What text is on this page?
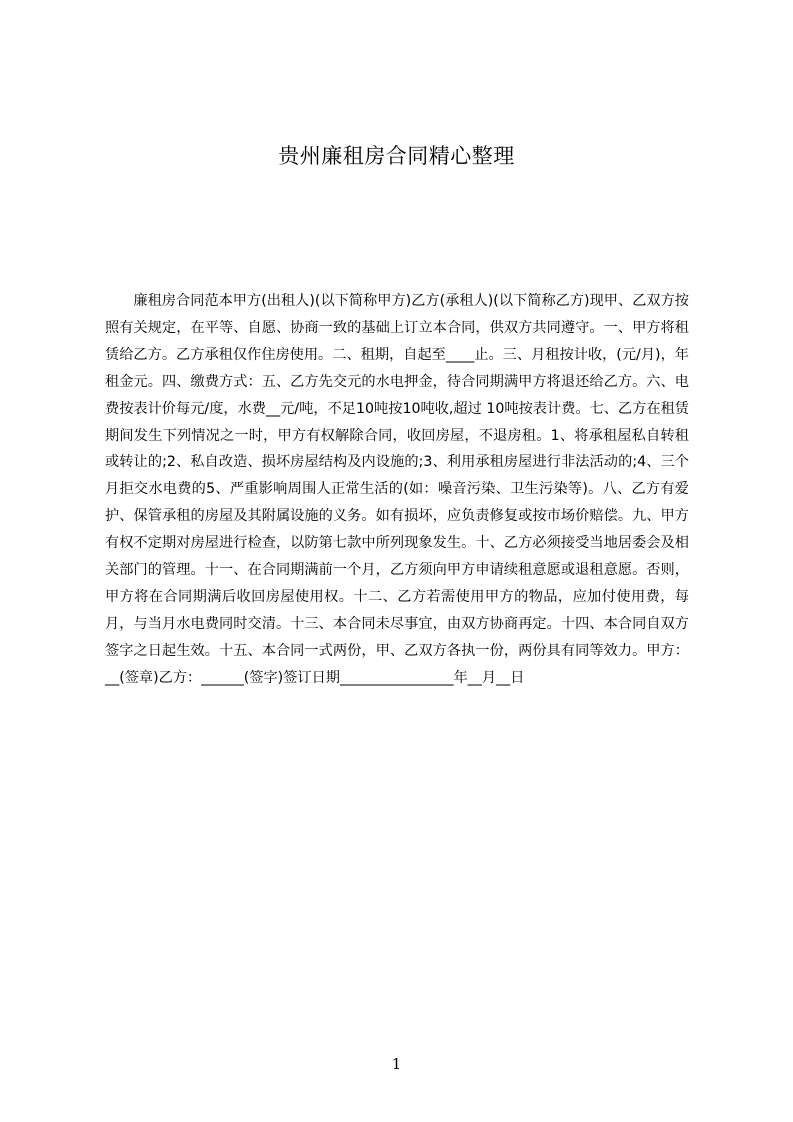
贵州廉租房合同精心整理

廉租房合同范本甲方(出租人)(以下简称甲方)乙方(承租人)(以下简称乙方)现甲、乙双方按照有关规定，在平等、自愿、协商一致的基础上订立本合同，供双方共同遵守。一、甲方将租赁给乙方。乙方承租仅作住房使用。二、租期，自起至____止。三、月租按计收，(元/月)，年租金元。四、缴费方式：五、乙方先交元的水电押金，待合同期满甲方将退还给乙方。六、电费按表计价每元/度，水费__元/吨，不足10吨按10吨收,超过 10吨按表计费。七、乙方在租赁期间发生下列情况之一时，甲方有权解除合同，收回房屋，不退房租。1、将承租屋私自转租或转让的;2、私自改造、损坏房屋结构及内设施的;3、利用承租房屋进行非法活动的;4、三个月拒交水电费的5、严重影响周围人正常生活的(如：噪音污染、卫生污染等)。八、乙方有爱护、保管承租的房屋及其附属设施的义务。如有损坏，应负责修复或按市场价赔偿。九、甲方有权不定期对房屋进行检查，以防第七款中所列现象发生。十、乙方必须接受当地居委会及相关部门的管理。十一、在合同期满前一个月，乙方须向甲方申请续租意愿或退租意愿。否则，甲方将在合同期满后收回房屋使用权。十二、乙方若需使用甲方的物品，应加付使用费，每月，与当月水电费同时交清。十三、本合同未尽事宜，由双方协商再定。十四、本合同自双方签字之日起生效。十五、本合同一式两份，甲、乙双方各执一份，两份具有同等效力。甲方：__(签章)乙方：______(签字)签订日期________________年__月__日

1
